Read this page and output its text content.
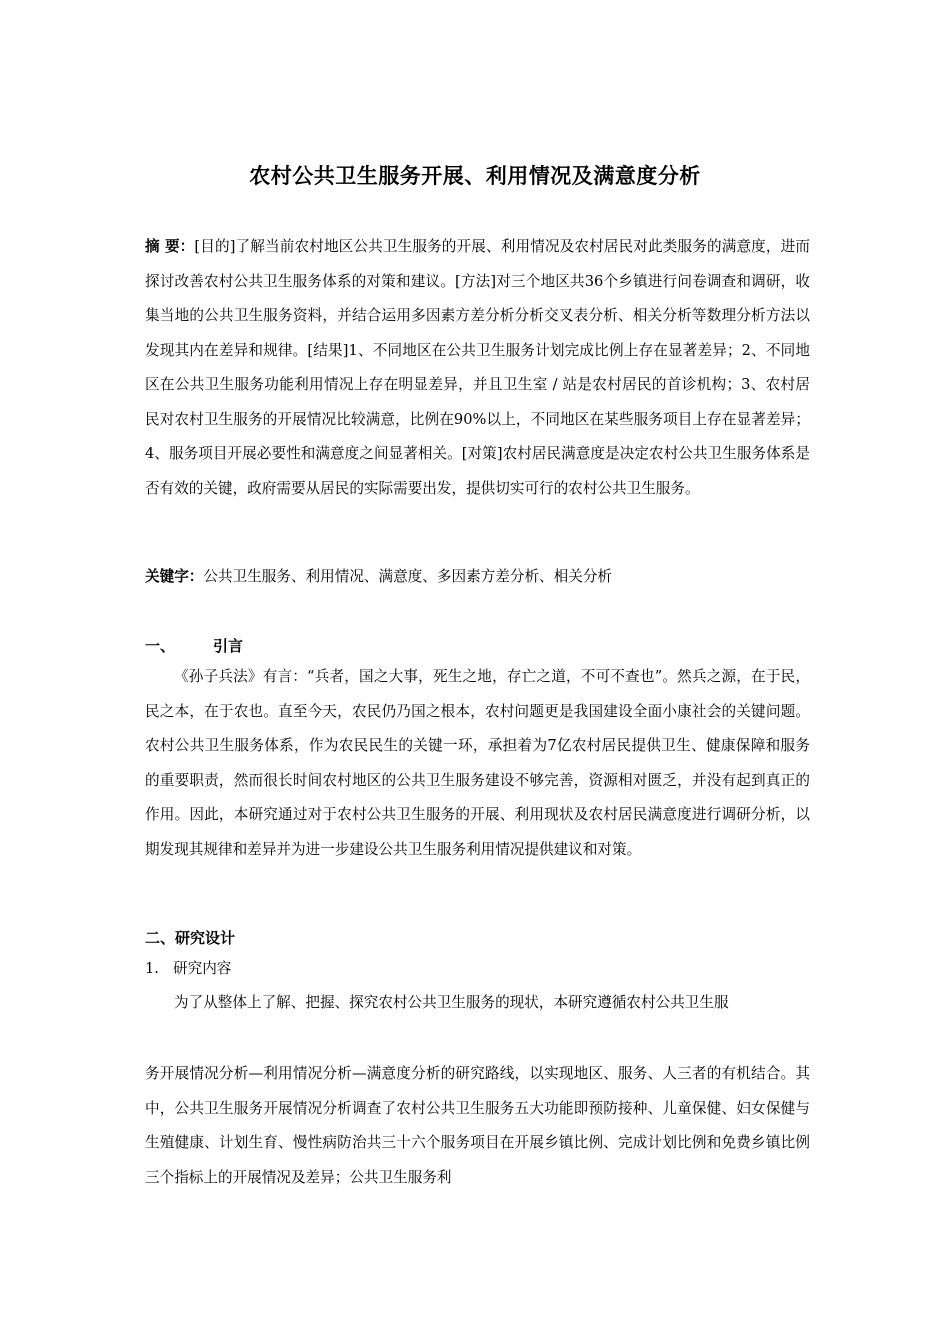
农村公共卫生服务开展、利用情况及满意度分析
摘 要：[目的]了解当前农村地区公共卫生服务的开展、利用情况及农村居民对此类服务的满意度，进而探讨改善农村公共卫生服务体系的对策和建议。[方法]对三个地区共36个乡镇进行问卷调查和调研，收集当地的公共卫生服务资料，并结合运用多因素方差分析分析交叉表分析、相关分析等数理分析方法以发现其内在差异和规律。[结果]1、不同地区在公共卫生服务计划完成比例上存在显著差异；2、不同地区在公共卫生服务功能利用情况上存在明显差异，并且卫生室 / 站是农村居民的首诊机构；3、农村居民对农村卫生服务的开展情况比较满意，比例在90%以上，不同地区在某些服务项目上存在显著差异；4、服务项目开展必要性和满意度之间显著相关。[对策]农村居民满意度是决定农村公共卫生服务体系是否有效的关键，政府需要从居民的实际需要出发，提供切实可行的农村公共卫生服务。
关键字：公共卫生服务、利用情况、满意度、多因素方差分析、相关分析
一、	引言
《孙子兵法》有言：“兵者，国之大事，死生之地，存亡之道，不可不查也”。然兵之源，在于民，民之本，在于农也。直至今天，农民仍乃国之根本，农村问题更是我国建设全面小康社会的关键问题。农村公共卫生服务体系，作为农民民生的关键一环，承担着为7亿农村居民提供卫生、健康保障和服务的重要职责，然而很长时间农村地区的公共卫生服务建设不够完善，资源相对匮乏，并没有起到真正的作用。因此，本研究通过对于农村公共卫生服务的开展、利用现状及农村居民满意度进行调研分析，以期发现其规律和差异并为进一步建设公共卫生服务利用情况提供建议和对策。
二、研究设计
1. 研究内容
为了从整体上了解、把握、探究农村公共卫生服务的现状，本研究遵循农村公共卫生服
务开展情况分析—利用情况分析—满意度分析的研究路线，以实现地区、服务、人三者的有机结合。其中，公共卫生服务开展情况分析调查了农村公共卫生服务五大功能即预防接种、儿童保健、妇女保健与生殖健康、计划生育、慢性病防治共三十六个服务项目在开展乡镇比例、完成计划比例和免费乡镇比例三个指标上的开展情况及差异；公共卫生服务利
